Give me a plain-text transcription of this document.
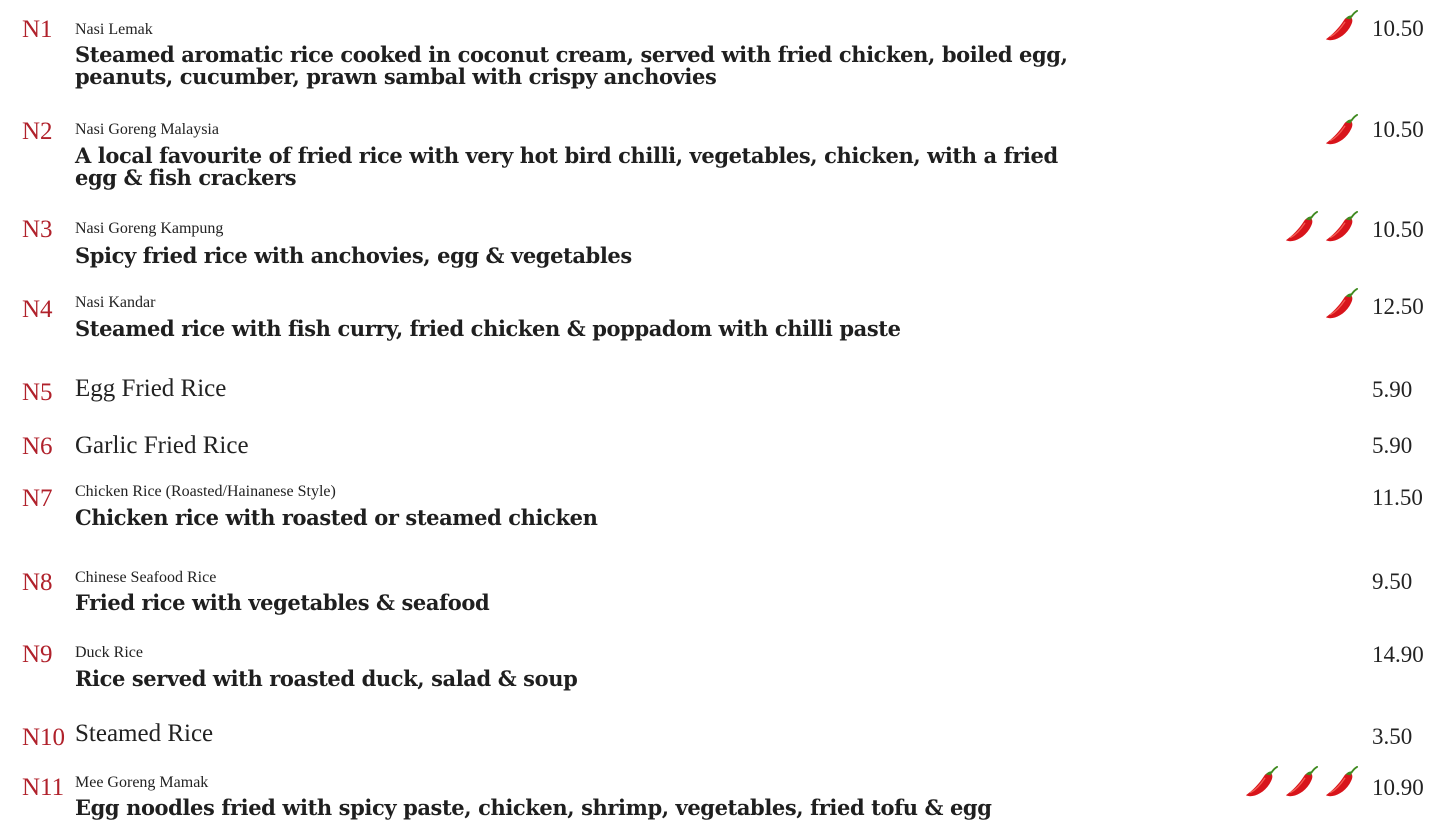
N1 Nasi Lemak
Steamed aromatic rice cooked in coconut cream, served with fried chicken, boiled egg, peanuts, cucumber, prawn sambal with crispy anchovies
10.50
N2 Nasi Goreng Malaysia
A local favourite of fried rice with very hot bird chilli, vegetables, chicken, with a fried egg & fish crackers
10.50
N3 Nasi Goreng Kampung
Spicy fried rice with anchovies, egg & vegetables
10.50
N4 Nasi Kandar
Steamed rice with fish curry, fried chicken & poppadom with chilli paste
12.50
N5 Egg Fried Rice	5.90
N6 Garlic Fried Rice	5.90
N7 Chicken Rice (Roasted/Hainanese Style)
Chicken rice with roasted or steamed chicken
11.50
N8 Chinese Seafood Rice
Fried rice with vegetables & seafood
9.50
N9 Duck Rice
Rice served with roasted duck, salad & soup
14.90
N10 Steamed Rice	3.50
N11 Mee Goreng Mamak
Egg noodles fried with spicy paste, chicken, shrimp, vegetables, fried tofu & egg
10.90
